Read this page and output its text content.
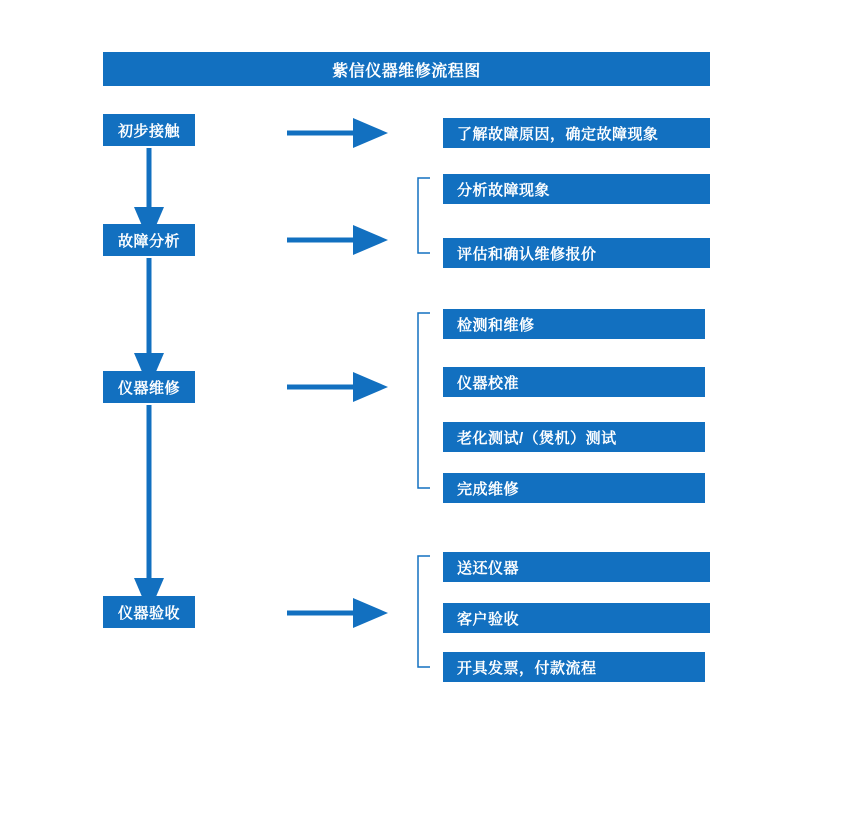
紫信仪器维修流程图
初步接触
故障分析
仪器维修
仪器验收
了解故障原因，确定故障现象
分析故障现象
评估和确认维修报价
检测和维修
仪器校准
老化测试/（煲机）测试
完成维修
送还仪器
客户验收
开具发票，付款流程
